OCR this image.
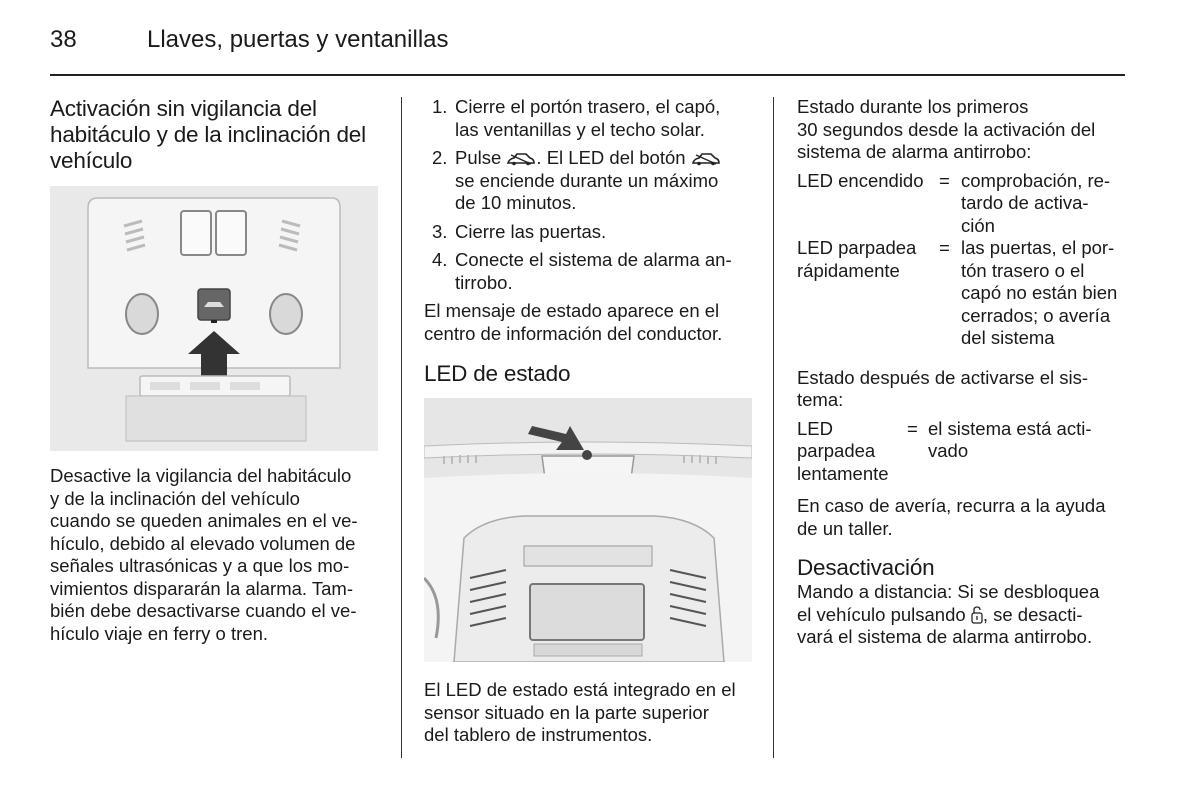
38	Llaves, puertas y ventanillas
Activación sin vigilancia del
habitáculo y de la inclinación del
vehículo

Desactive la vigilancia del habitáculo
y de la inclinación del vehículo
cuando se queden animales en el ve-
hículo, debido al elevado volumen de
señales ultrasónicas y a que los mo-
vimientos dispararán la alarma. Tam-
bién debe desactivarse cuando el ve-
hículo viaje en ferry o tren.

1. Cierre el portón trasero, el capó,
las ventanillas y el techo solar.
2. Pulse . El LED del botón
se enciende durante un máximo
de 10 minutos.
3. Cierre las puertas.
4. Conecte el sistema de alarma an-
tirrobo.

El mensaje de estado aparece en el
centro de información del conductor.

LED de estado

El LED de estado está integrado en el
sensor situado en la parte superior
del tablero de instrumentos.

Estado durante los primeros
30 segundos desde la activación del
sistema de alarma antirrobo:

LED encendido = comprobación, re-
tardo de activa-
ción
LED parpadea
rápidamente
= las puertas, el por-
tón trasero o el
capó no están bien
cerrados; o avería
del sistema

Estado después de activarse el sis-
tema:

LED
parpadea
lentamente
= el sistema está acti-
vado

En caso de avería, recurra a la ayuda
de un taller.

Desactivación

Mando a distancia: Si se desbloquea
el vehículo pulsando , se desacti-
vará el sistema de alarma antirrobo.
